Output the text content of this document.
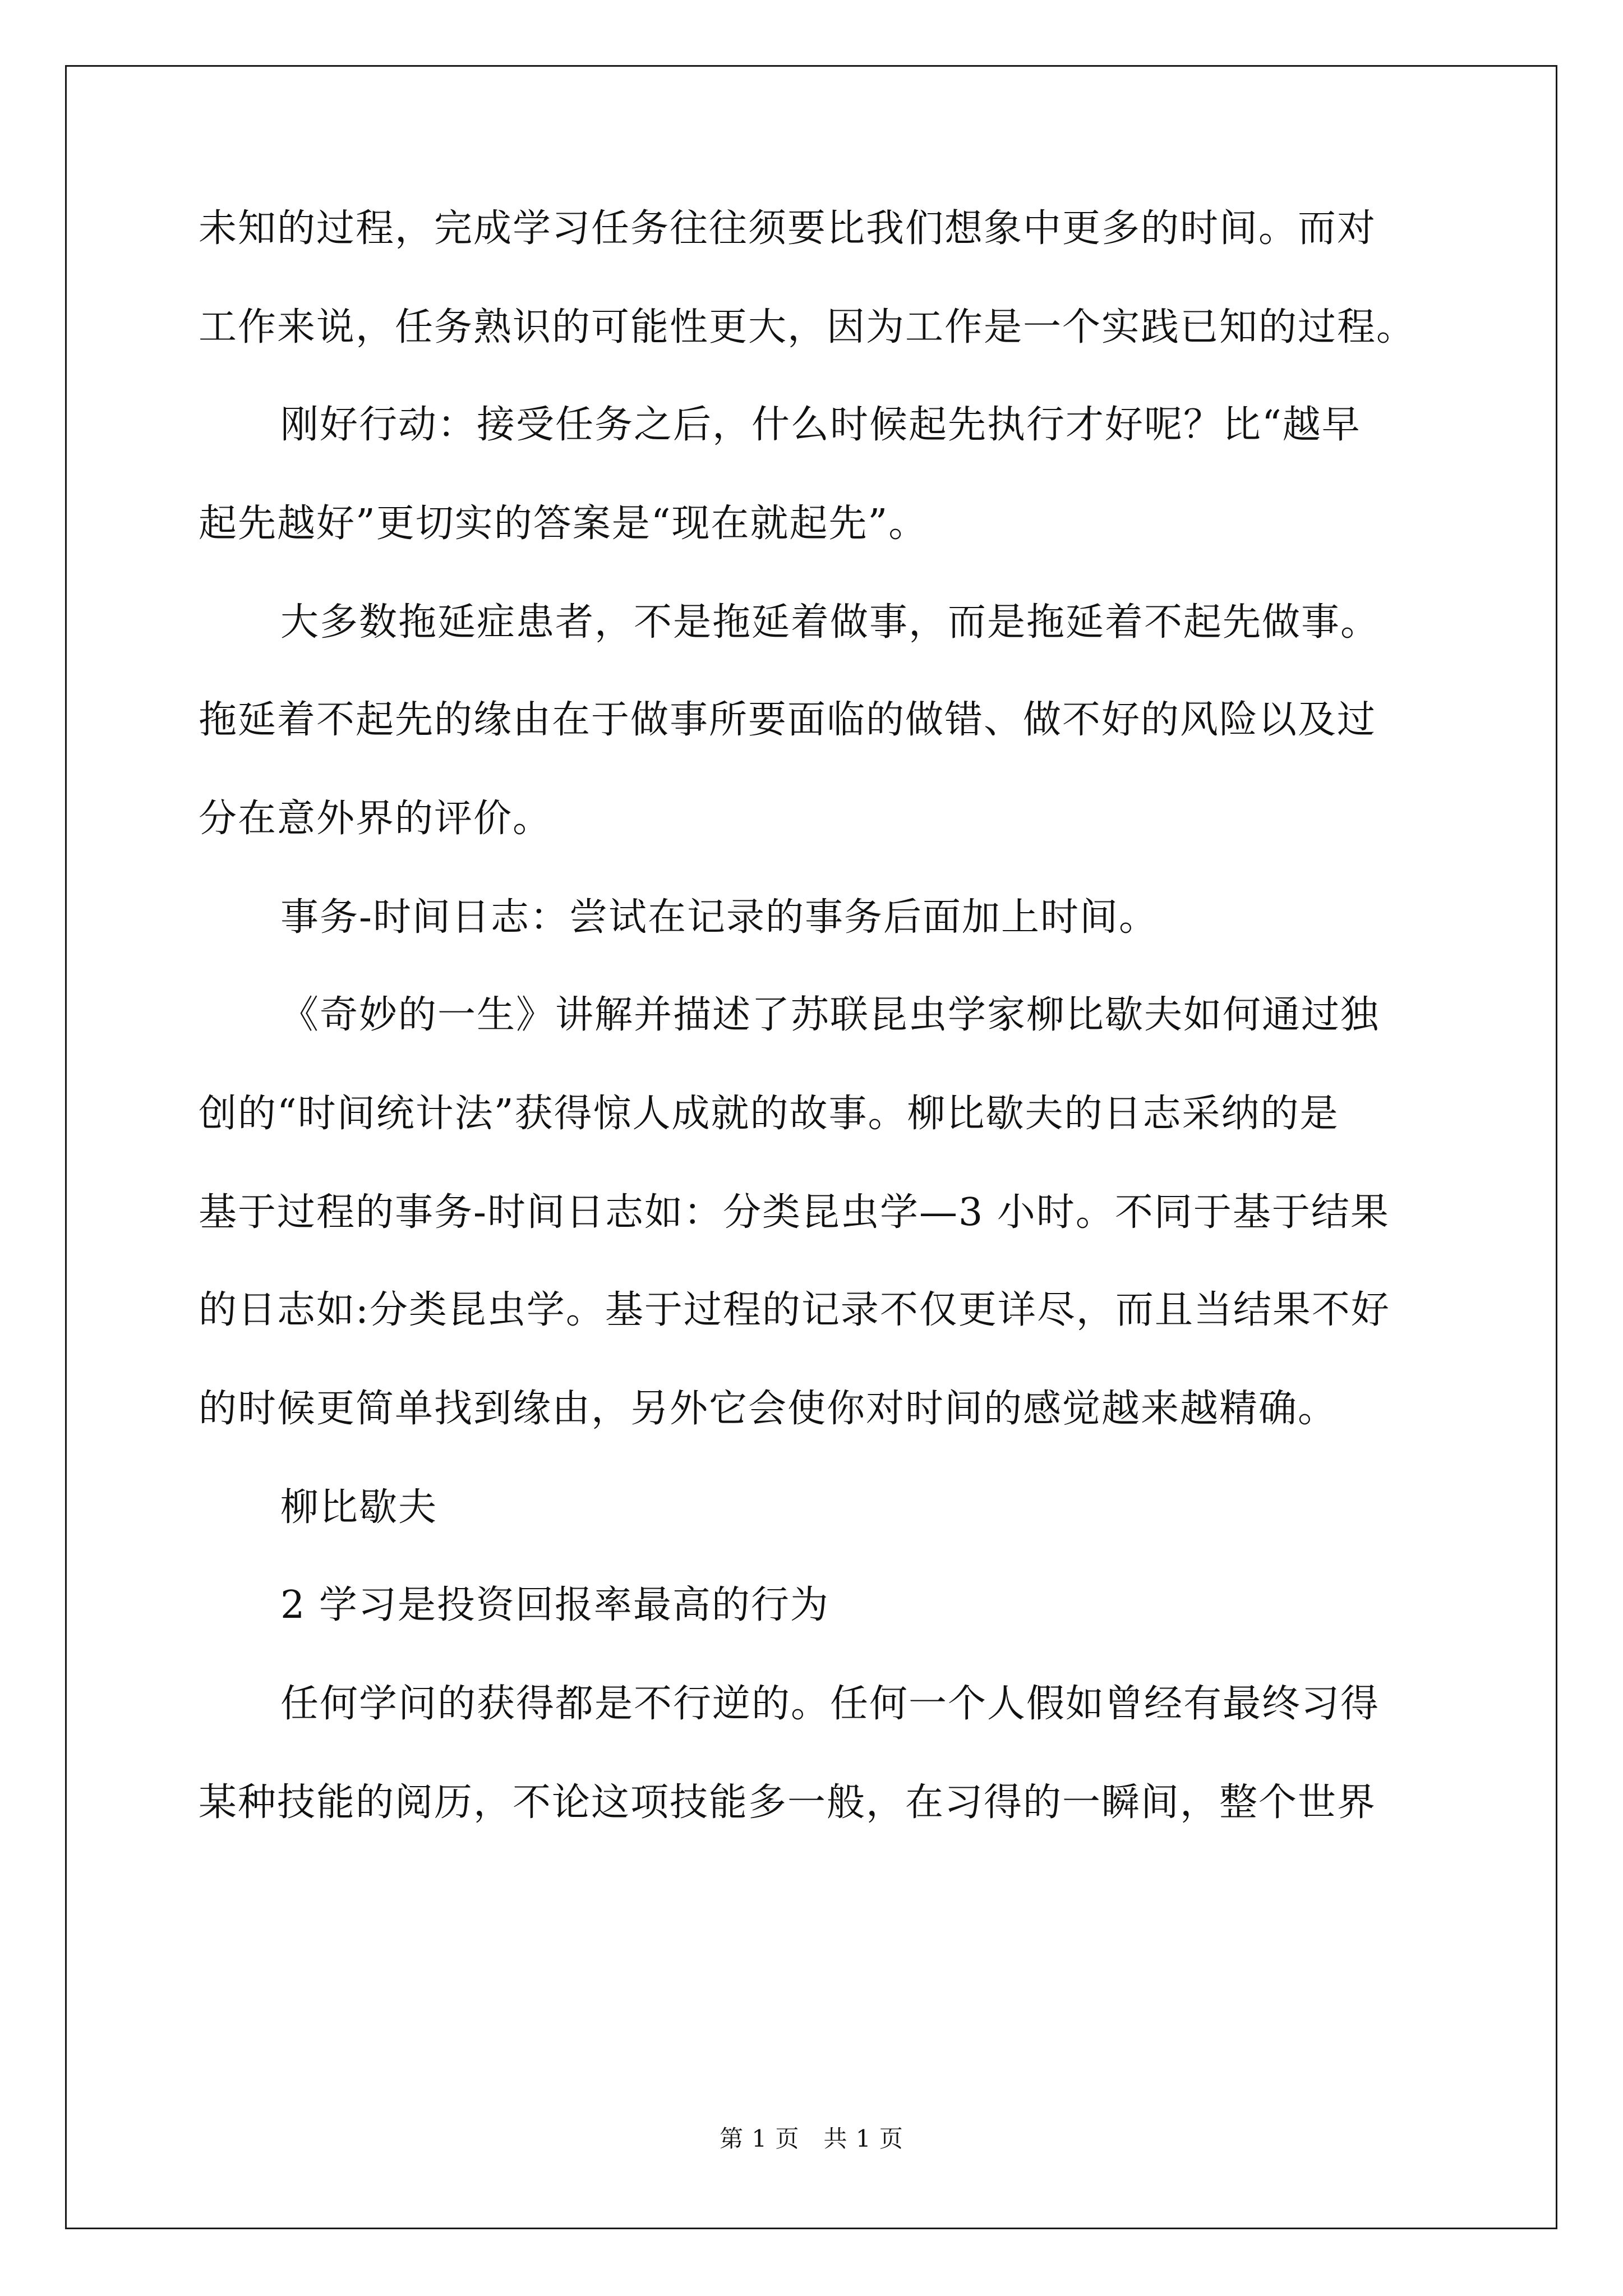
未知的过程，完成学习任务往往须要比我们想象中更多的时间。而对
工作来说，任务熟识的可能性更大，因为工作是一个实践已知的过程。
刚好行动：接受任务之后，什么时候起先执行才好呢？比“越早
起先越好”更切实的答案是“现在就起先”。
大多数拖延症患者，不是拖延着做事，而是拖延着不起先做事。
拖延着不起先的缘由在于做事所要面临的做错、做不好的风险以及过
分在意外界的评价。
事务-时间日志：尝试在记录的事务后面加上时间。
《奇妙的一生》讲解并描述了苏联昆虫学家柳比歇夫如何通过独
创的“时间统计法”获得惊人成就的故事。柳比歇夫的日志采纳的是
基于过程的事务-时间日志如：分类昆虫学—3 小时。不同于基于结果
的日志如:分类昆虫学。基于过程的记录不仅更详尽，而且当结果不好
的时候更简单找到缘由，另外它会使你对时间的感觉越来越精确。
柳比歇夫
2 学习是投资回报率最高的行为
任何学问的获得都是不行逆的。任何一个人假如曾经有最终习得
某种技能的阅历，不论这项技能多一般，在习得的一瞬间，整个世界
第 1 页　共 1 页
